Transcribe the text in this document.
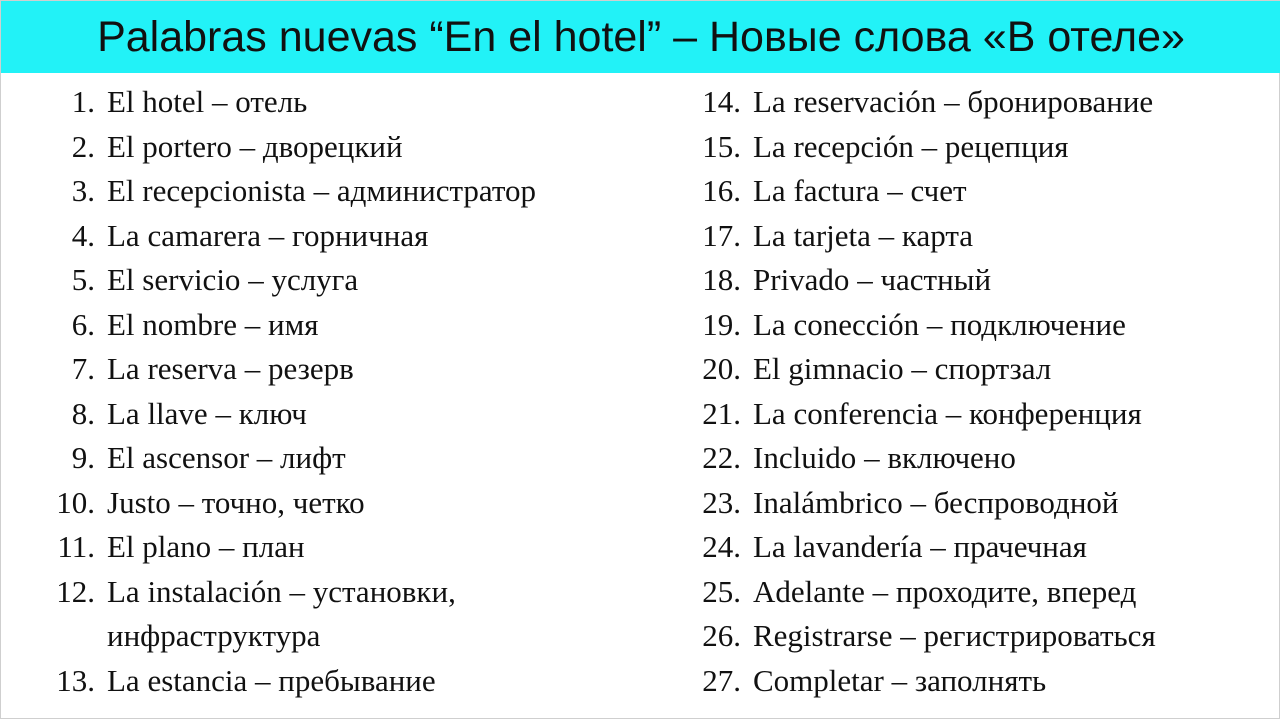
Palabras nuevas “En el hotel” – Новые слова «В отеле»
1. El hotel – отель
2. El portero – дворецкий
3. El recepcionista – администратор
4. La camarera – горничная
5. El servicio – услуга
6. El nombre – имя
7. La reserva – резерв
8. La llave – ключ
9. El ascensor – лифт
10. Justo – точно, четко
11. El plano – план
12. La instalación – установки, инфраструктура
13. La estancia – пребывание
14. La reservación – бронирование
15. La recepción – рецепция
16. La factura – счет
17. La tarjeta – карта
18. Privado – частный
19. La conección – подключение
20. El gimnacio – спортзал
21. La conferencia – конференция
22. Incluido – включено
23. Inalámbrico – беспроводной
24. La lavandería – прачечная
25. Adelante – проходите, вперед
26. Registrarse – регистрироваться
27. Completar – заполнять
